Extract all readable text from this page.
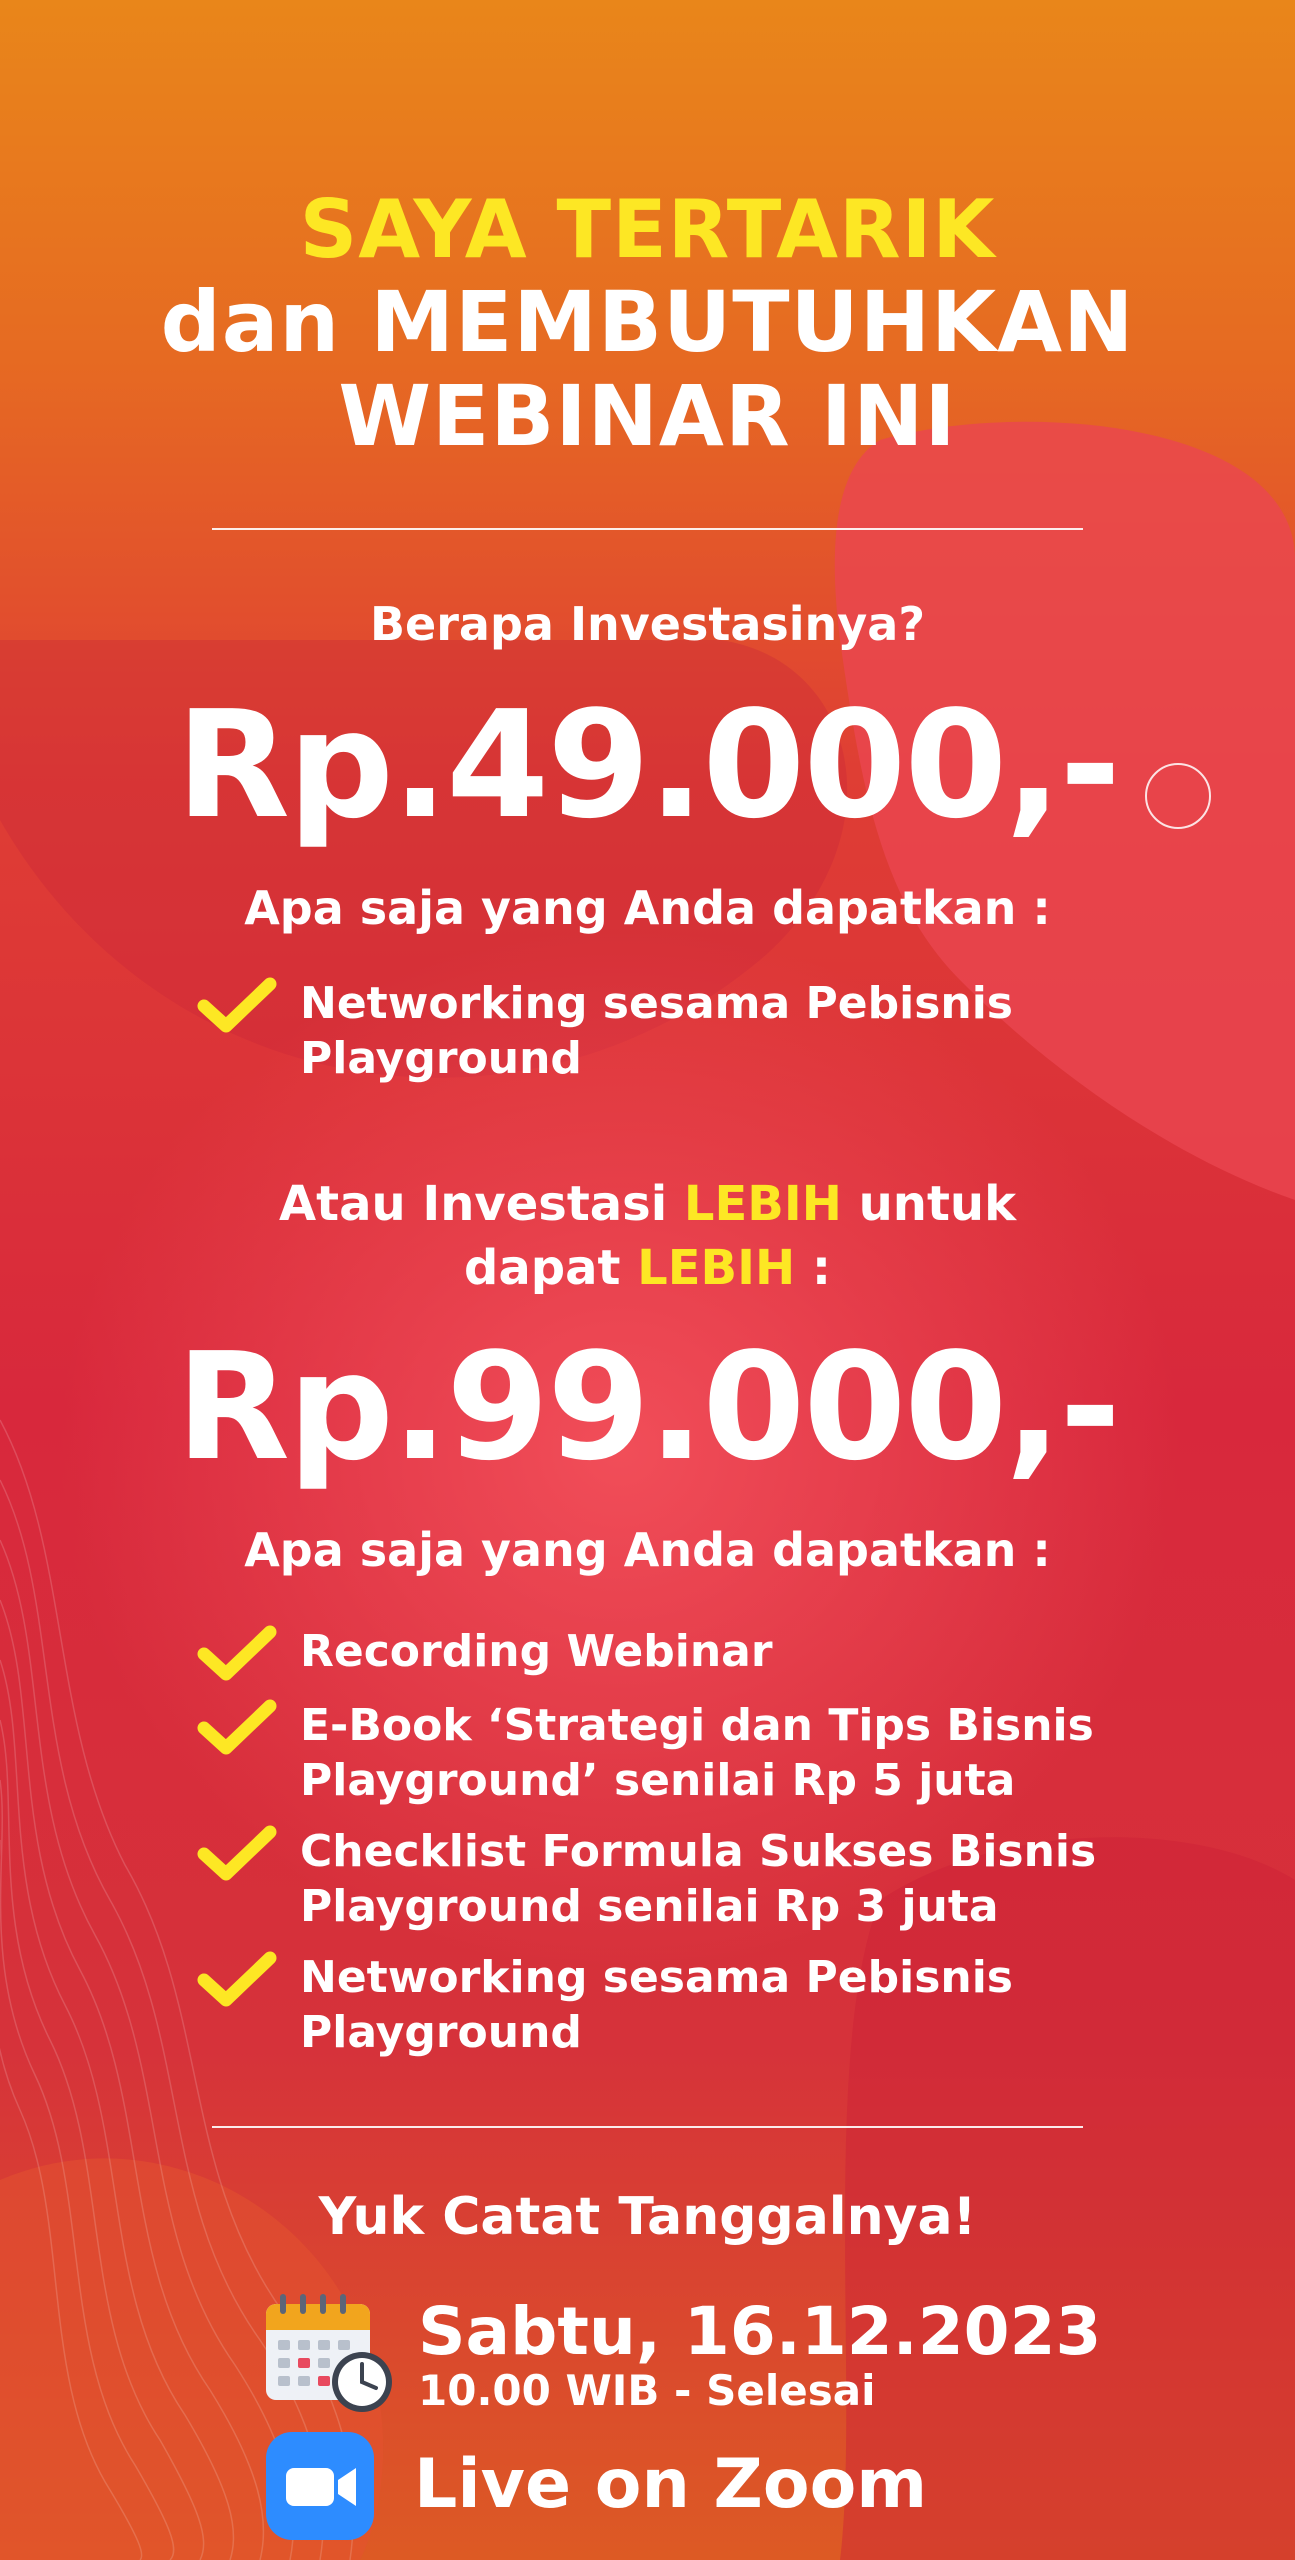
SAYA TERTARIK
dan MEMBUTUHKAN
WEBINAR INI
Berapa Investasinya?
Rp.49.000,-
Apa saja yang Anda dapatkan :
Networking sesama Pebisnis
Playground
Atau Investasi LEBIH untuk
dapat LEBIH :
Rp.99.000,-
Apa saja yang Anda dapatkan :
Recording Webinar
E-Book ‘Strategi dan Tips Bisnis
Playground’ senilai Rp 5 juta
Checklist Formula Sukses Bisnis
Playground senilai Rp 3 juta
Networking sesama Pebisnis
Playground
Yuk Catat Tanggalnya!
Sabtu, 16.12.2023
10.00 WIB - Selesai
Live on Zoom
